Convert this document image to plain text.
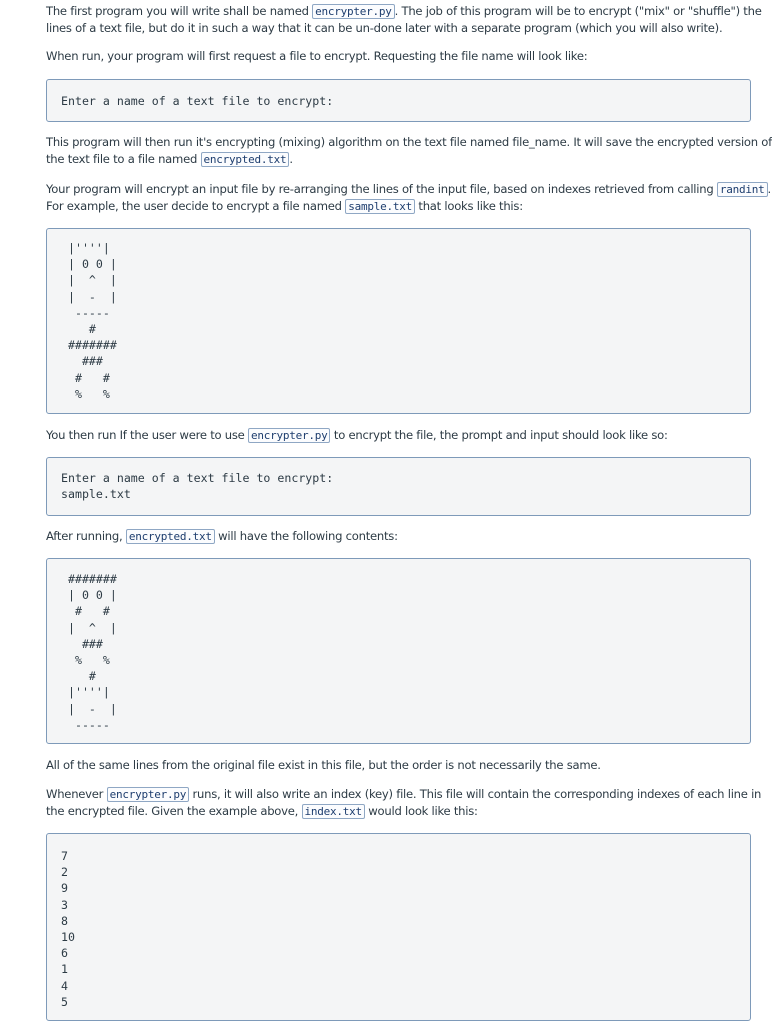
The first program you will write shall be named encrypter.py . The job of this program will be to encrypt ("mix" or "shuffle") the
lines of a text file, but do it in such a way that it can be un-done later with a separate program (which you will also write).
When run, your program will first request a file to encrypt. Requesting the file name will look like:
Enter a name of a text file to encrypt:
This program will then run it's encrypting (mixing) algorithm on the text file named file_name. It will save the encrypted version of
the text file to a file named encrypted.txt .
Your program will encrypt an input file by re-arranging the lines of the input file, based on indexes retrieved from calling randint .
For example, the user decide to encrypt a file named sample.txt that looks like this:
|''''|
| 0 0 |
|  ^  |
|  -  |
-----
#
#######
###
#   #
%   %
You then run If the user were to use encrypter.py to encrypt the file, the prompt and input should look like so:
Enter a name of a text file to encrypt:
sample.txt
After running, encrypted.txt will have the following contents:
#######
| 0 0 |
#   #
|  ^  |
###
%   %
#
|''''|
|  -  |
-----
All of the same lines from the original file exist in this file, but the order is not necessarily the same.
Whenever encrypter.py runs, it will also write an index (key) file. This file will contain the corresponding indexes of each line in
the encrypted file. Given the example above, index.txt would look like this:
7
2
9
3
8
10
6
1
4
5
